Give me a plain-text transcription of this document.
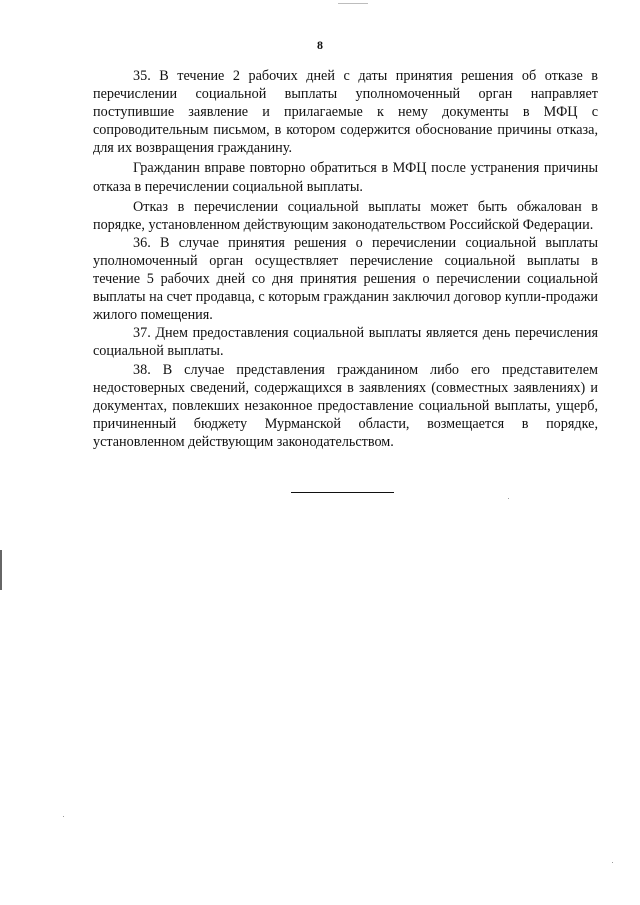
8

35. В течение 2 рабочих дней с даты принятия решения об отказе в перечислении социальной выплаты уполномоченный орган направляет поступившие заявление и прилагаемые к нему документы в МФЦ с сопроводительным письмом, в котором содержится обоснование причины отказа, для их возвращения гражданину.

Гражданин вправе повторно обратиться в МФЦ после устранения причины отказа в перечислении социальной выплаты.

Отказ в перечислении социальной выплаты может быть обжалован в порядке, установленном действующим законодательством Российской Федерации.

36. В случае принятия решения о перечислении социальной выплаты уполномоченный орган осуществляет перечисление социальной выплаты в течение 5 рабочих дней со дня принятия решения о перечислении социальной выплаты на счет продавца, с которым гражданин заключил договор купли-продажи жилого помещения.

37. Днем предоставления социальной выплаты является день перечисления социальной выплаты.

38. В случае представления гражданином либо его представителем недостоверных сведений, содержащихся в заявлениях (совместных заявлениях) и документах, повлекших незаконное предоставление социальной выплаты, ущерб, причиненный бюджету Мурманской области, возмещается в порядке, установленном действующим законодательством.
